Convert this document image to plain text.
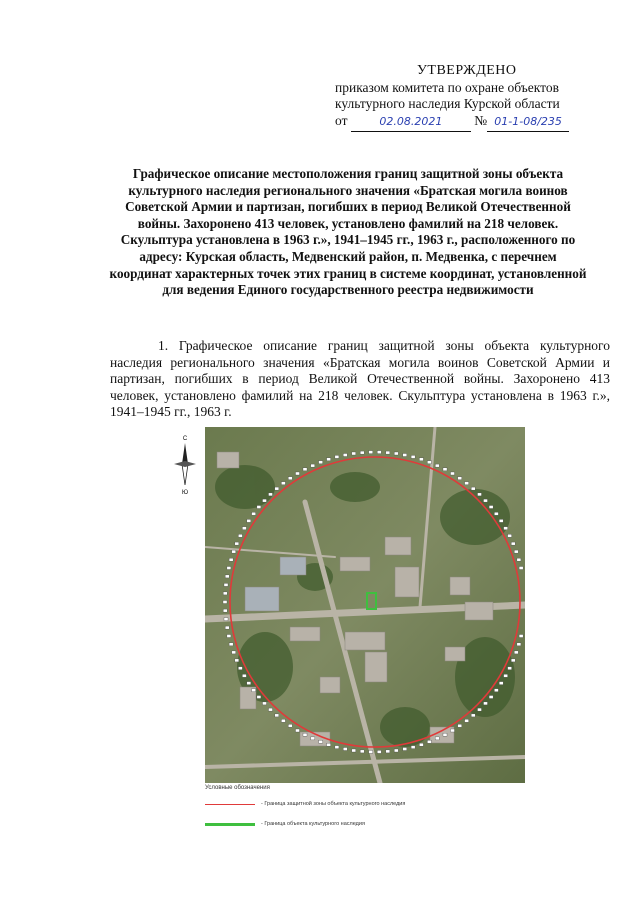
УТВЕРЖДЕНО
приказом комитета по охране объектов
культурного наследия Курской области
от
	02.08.2021
	№ 01-1-08/235
Графическое описание местоположения границ защитной зоны объекта культурного наследия регионального значения «Братская могила воинов Советской Армии и партизан, погибших в период Великой Отечественной войны. Захоронено 413 человек, установлено фамилий на 218 человек. Скульптура установлена в 1963 г.», 1941–1945 гг., 1963 г., расположенного по адресу: Курская область, Медвенский район, п. Медвенка, с перечнем координат характерных точек этих границ в системе координат, установленной для ведения Единого государственного реестра недвижимости
1. Графическое описание границ защитной зоны объекта культурного наследия регионального значения «Братская могила воинов Советской Армии и партизан, погибших в период Великой Отечественной войны. Захоронено 413 человек, установлено фамилий на 218 человек. Скульптура установлена в 1963 г.», 1941–1945 гг., 1963 г.
С
Ю
Условные обозначения
- Граница защитной зоны объекта культурного наследия
- Граница объекта культурного наследия
